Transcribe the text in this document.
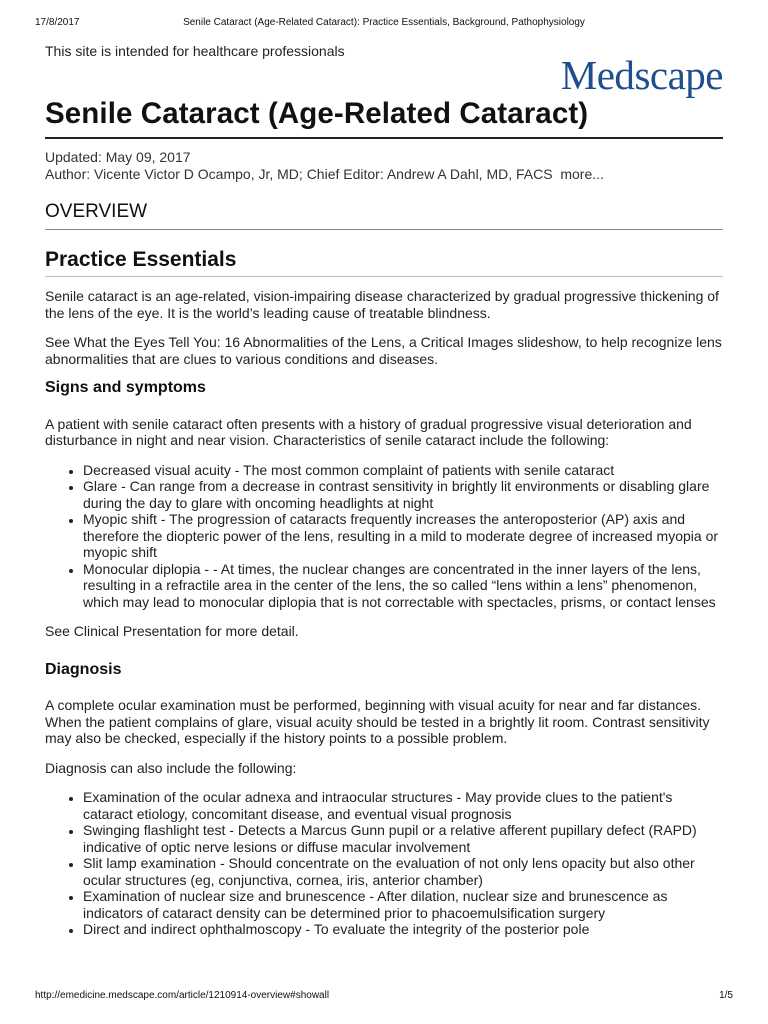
17/8/2017	Senile Cataract (Age-Related Cataract): Practice Essentials, Background, Pathophysiology
This site is intended for healthcare professionals
Medscape
Senile Cataract (Age-Related Cataract)
Updated: May 09, 2017
Author: Vicente Victor D Ocampo, Jr, MD; Chief Editor: Andrew A Dahl, MD, FACS more...
OVERVIEW
Practice Essentials

Senile cataract is an age-related, vision-impairing disease characterized by gradual progressive thickening of the lens of the eye. It is the world’s leading cause of treatable blindness.

See What the Eyes Tell You: 16 Abnormalities of the Lens, a Critical Images slideshow, to help recognize lens abnormalities that are clues to various conditions and diseases.

Signs and symptoms

A patient with senile cataract often presents with a history of gradual progressive visual deterioration and disturbance in night and near vision. Characteristics of senile cataract include the following:

• Decreased visual acuity - The most common complaint of patients with senile cataract
• Glare - Can range from a decrease in contrast sensitivity in brightly lit environments or disabling glare during the day to glare with oncoming headlights at night
• Myopic shift - The progression of cataracts frequently increases the anteroposterior (AP) axis and therefore the diopteric power of the lens, resulting in a mild to moderate degree of increased myopia or myopic shift
• Monocular diplopia - - At times, the nuclear changes are concentrated in the inner layers of the lens, resulting in a refractile area in the center of the lens, the so called “lens within a lens” phenomenon, which may lead to monocular diplopia that is not correctable with spectacles, prisms, or contact lenses

See Clinical Presentation for more detail.

Diagnosis

A complete ocular examination must be performed, beginning with visual acuity for near and far distances. When the patient complains of glare, visual acuity should be tested in a brightly lit room. Contrast sensitivity may also be checked, especially if the history points to a possible problem.

Diagnosis can also include the following:

• Examination of the ocular adnexa and intraocular structures - May provide clues to the patient's cataract etiology, concomitant disease, and eventual visual prognosis
• Swinging flashlight test - Detects a Marcus Gunn pupil or a relative afferent pupillary defect (RAPD) indicative of optic nerve lesions or diffuse macular involvement
• Slit lamp examination - Should concentrate on the evaluation of not only lens opacity but also other ocular structures (eg, conjunctiva, cornea, iris, anterior chamber)
• Examination of nuclear size and brunescence - After dilation, nuclear size and brunescence as indicators of cataract density can be determined prior to phacoemulsification surgery
• Direct and indirect ophthalmoscopy - To evaluate the integrity of the posterior pole
http://emedicine.medscape.com/article/1210914-overview#showall	1/5
